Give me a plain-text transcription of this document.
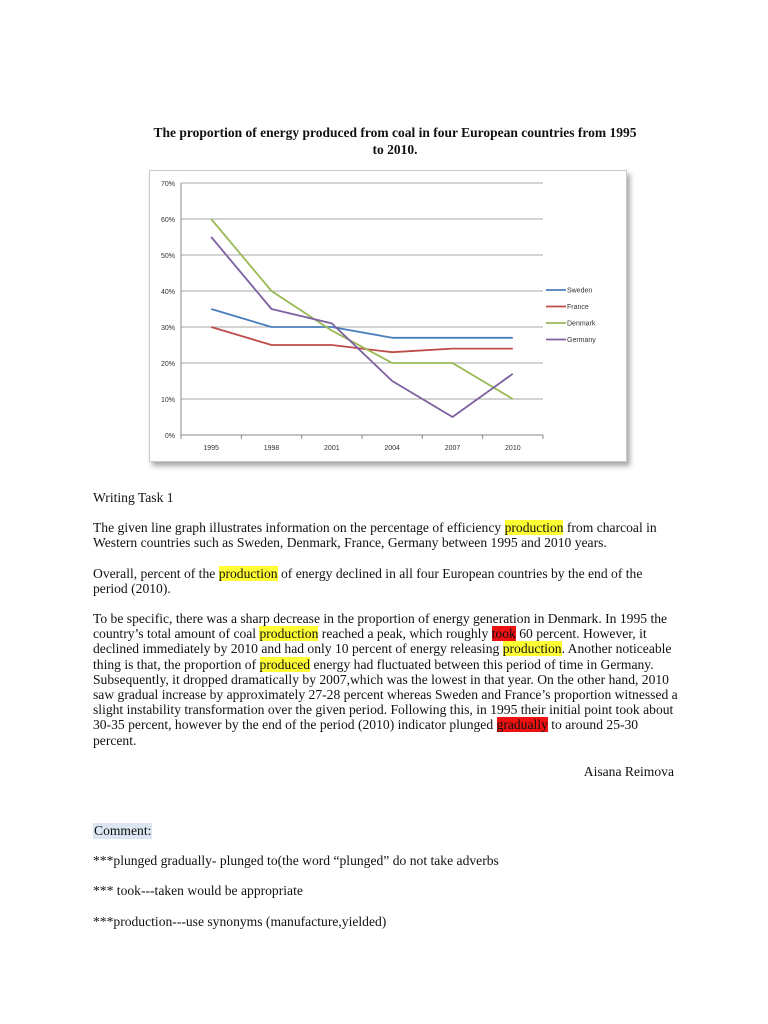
The proportion of energy produced from coal in four European countries from 1995 to 2010.
0%
10%
20%
30%
40%
50%
60%
70%
1995	1998	2001	2004	2007	2010
Sweden
France
Denmark
Germany
Writing Task 1

The given line graph illustrates information on the percentage of efficiency production from charcoal in Western countries such as Sweden, Denmark, France, Germany between 1995 and 2010 years.

Overall, percent of the production of energy declined in all four European countries by the end of the period (2010).

To be specific, there was a sharp decrease in the proportion of energy generation in Denmark. In 1995 the country’s total amount of coal production reached a peak, which roughly took 60 percent. However, it declined immediately by 2010 and had only 10 percent of energy releasing production. Another noticeable thing is that, the proportion of produced energy had fluctuated between this period of time in Germany. Subsequently, it dropped dramatically by 2007,which was the lowest in that year. On the other hand, 2010 saw gradual increase by approximately 27-28 percent whereas Sweden and France’s proportion witnessed a slight instability transformation over the given period. Following this, in 1995 their initial point took about 30-35 percent, however by the end of the period (2010) indicator plunged gradually to around 25-30 percent.

Aisana Reimova
Comment:
***plunged gradually- plunged to(the word “plunged” do not take adverbs
*** took---taken would be appropriate
***production---use synonyms (manufacture,yielded)
